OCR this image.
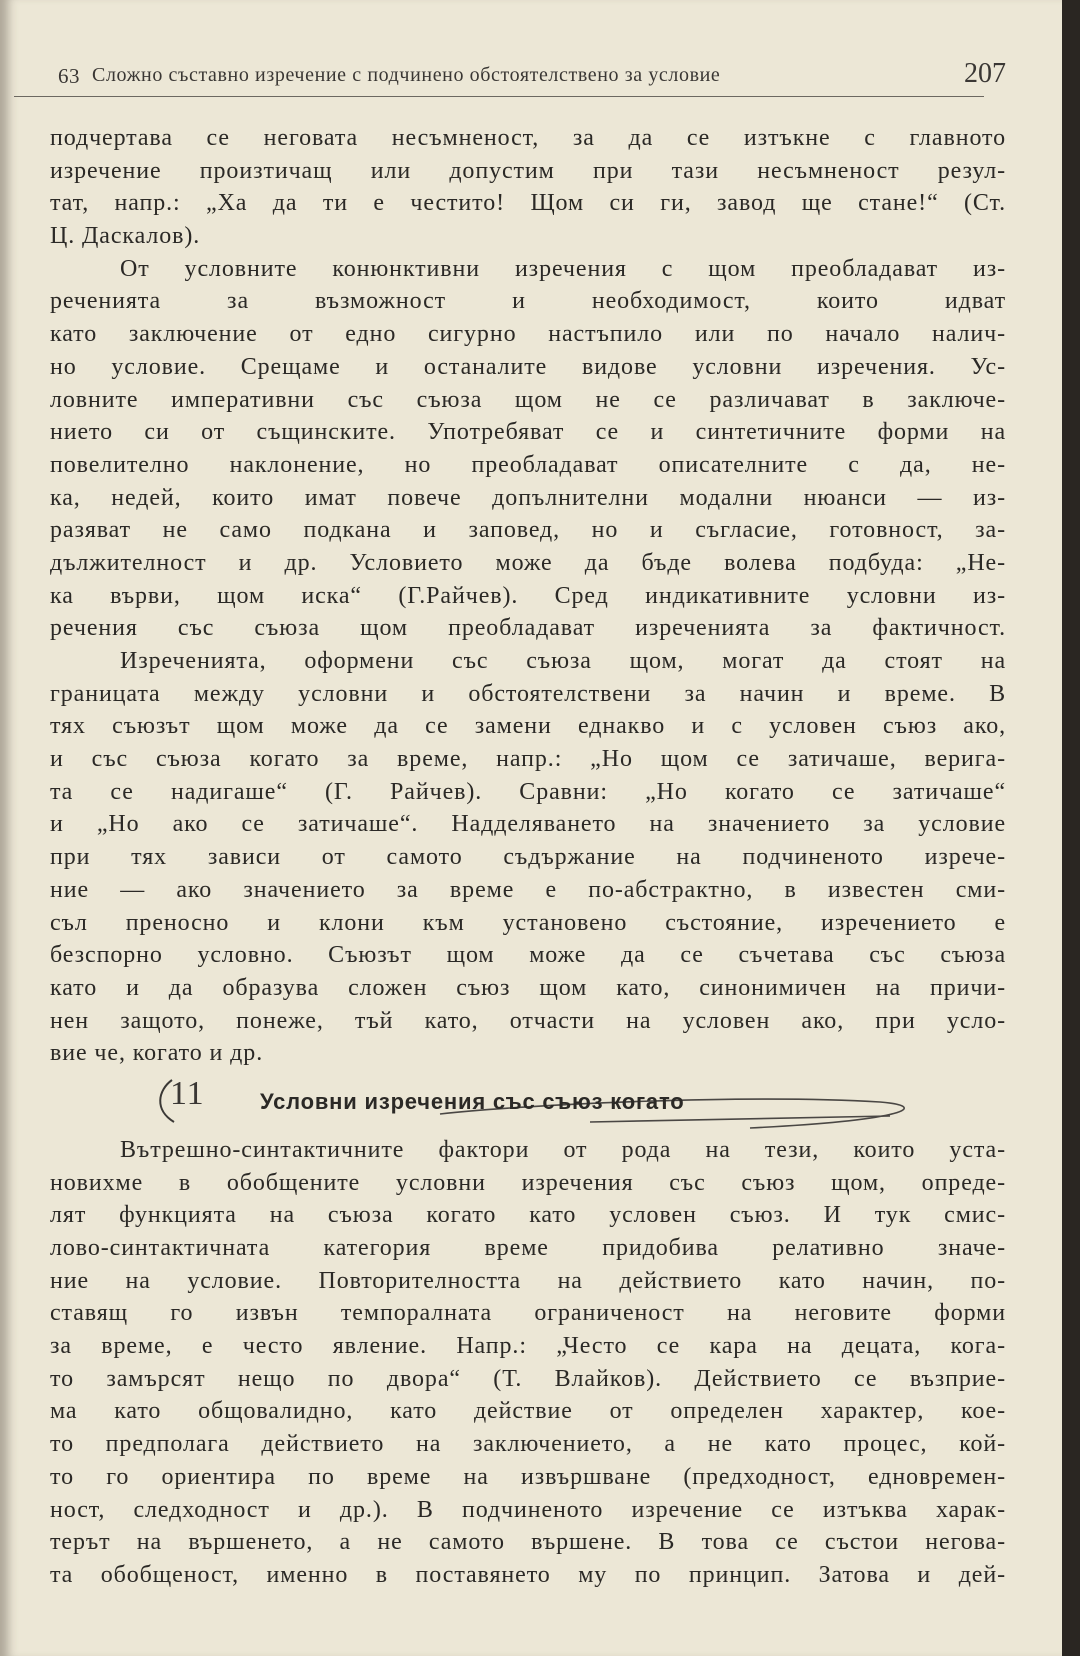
63 Сложно съставно изречение с подчинено обстоятелствено за условие	207
подчертава се неговата несъмненост, за да се изтъкне с главното
изречение произтичащ или допустим при тази несъмненост резул-
тат, напр.: „Ха да ти е честито! Щом си ги, завод ще стане!“ (Ст.
Ц. Даскалов).
От условните конюнктивни изречения с щом преобладават из-
реченията за възможност и необходимост, които идват
като заключение от едно сигурно настъпило или по начало налич-
но условие. Срещаме и останалите видове условни изречения. Ус-
ловните императивни със съюза щом не се различават в заключе-
нието си от същинските. Употребяват се и синтетичните форми на
повелително наклонение, но преобладават описателните с да, не-
ка, недей, които имат повече допълнителни модални нюанси — из-
разяват не само подкана и заповед, но и съгласие, готовност, за-
дължителност и др. Условието може да бъде волева подбуда: „Не-
ка върви, щом иска“ (Г.Райчев). Сред индикативните условни из-
речения със съюза щом преобладават изреченията за фактичност.
Изреченията, оформени със съюза щом, могат да стоят на
границата между условни и обстоятелствени за начин и време. В
тях съюзът щом може да се замени еднакво и с условен съюз ако,
и със съюза когато за време, напр.: „Но щом се затичаше, верига-
та се надигаше“ (Г. Райчев). Сравни: „Но когато се затичаше“
и „Но ако се затичаше“. Надделяването на значението за условие
при тях зависи от самото съдържание на подчиненото изрече-
ние — ако значението за време е по-абстрактно, в известен сми-
съл преносно и клони към установено състояние, изречението е
безспорно условно. Съюзът щом може да се съчетава със съюза
като и да образува сложен съюз щом като, синонимичен на причи-
нен защото, понеже, тъй като, отчасти на условен ако, при усло-
вие че, когато и др.
11	Условни изречения със съюз когато
Вътрешно-синтактичните фактори от рода на тези, които уста-
новихме в обобщените условни изречения със съюз щом, опреде-
лят функцията на съюза когато като условен съюз. И тук смис-
лово-синтактичната категория време придобива релативно значе-
ние на условие. Повторителността на действието като начин, по-
ставящ го извън темпоралната ограниченост на неговите форми
за време, е често явление. Напр.: „Често се кара на децата, кога-
то замърсят нещо по двора“ (Т. Влайков). Действието се възприе-
ма като общовалидно, като действие от определен характер, кое-
то предполага действието на заключението, а не като процес, кой-
то го ориентира по време на извършване (предходност, едновремен-
ност, следходност и др.). В подчиненото изречение се изтъква харак-
терът на вършенето, а не самото вършене. В това се състои негова-
та обобщеност, именно в поставянето му по принцип. Затова и дей-
